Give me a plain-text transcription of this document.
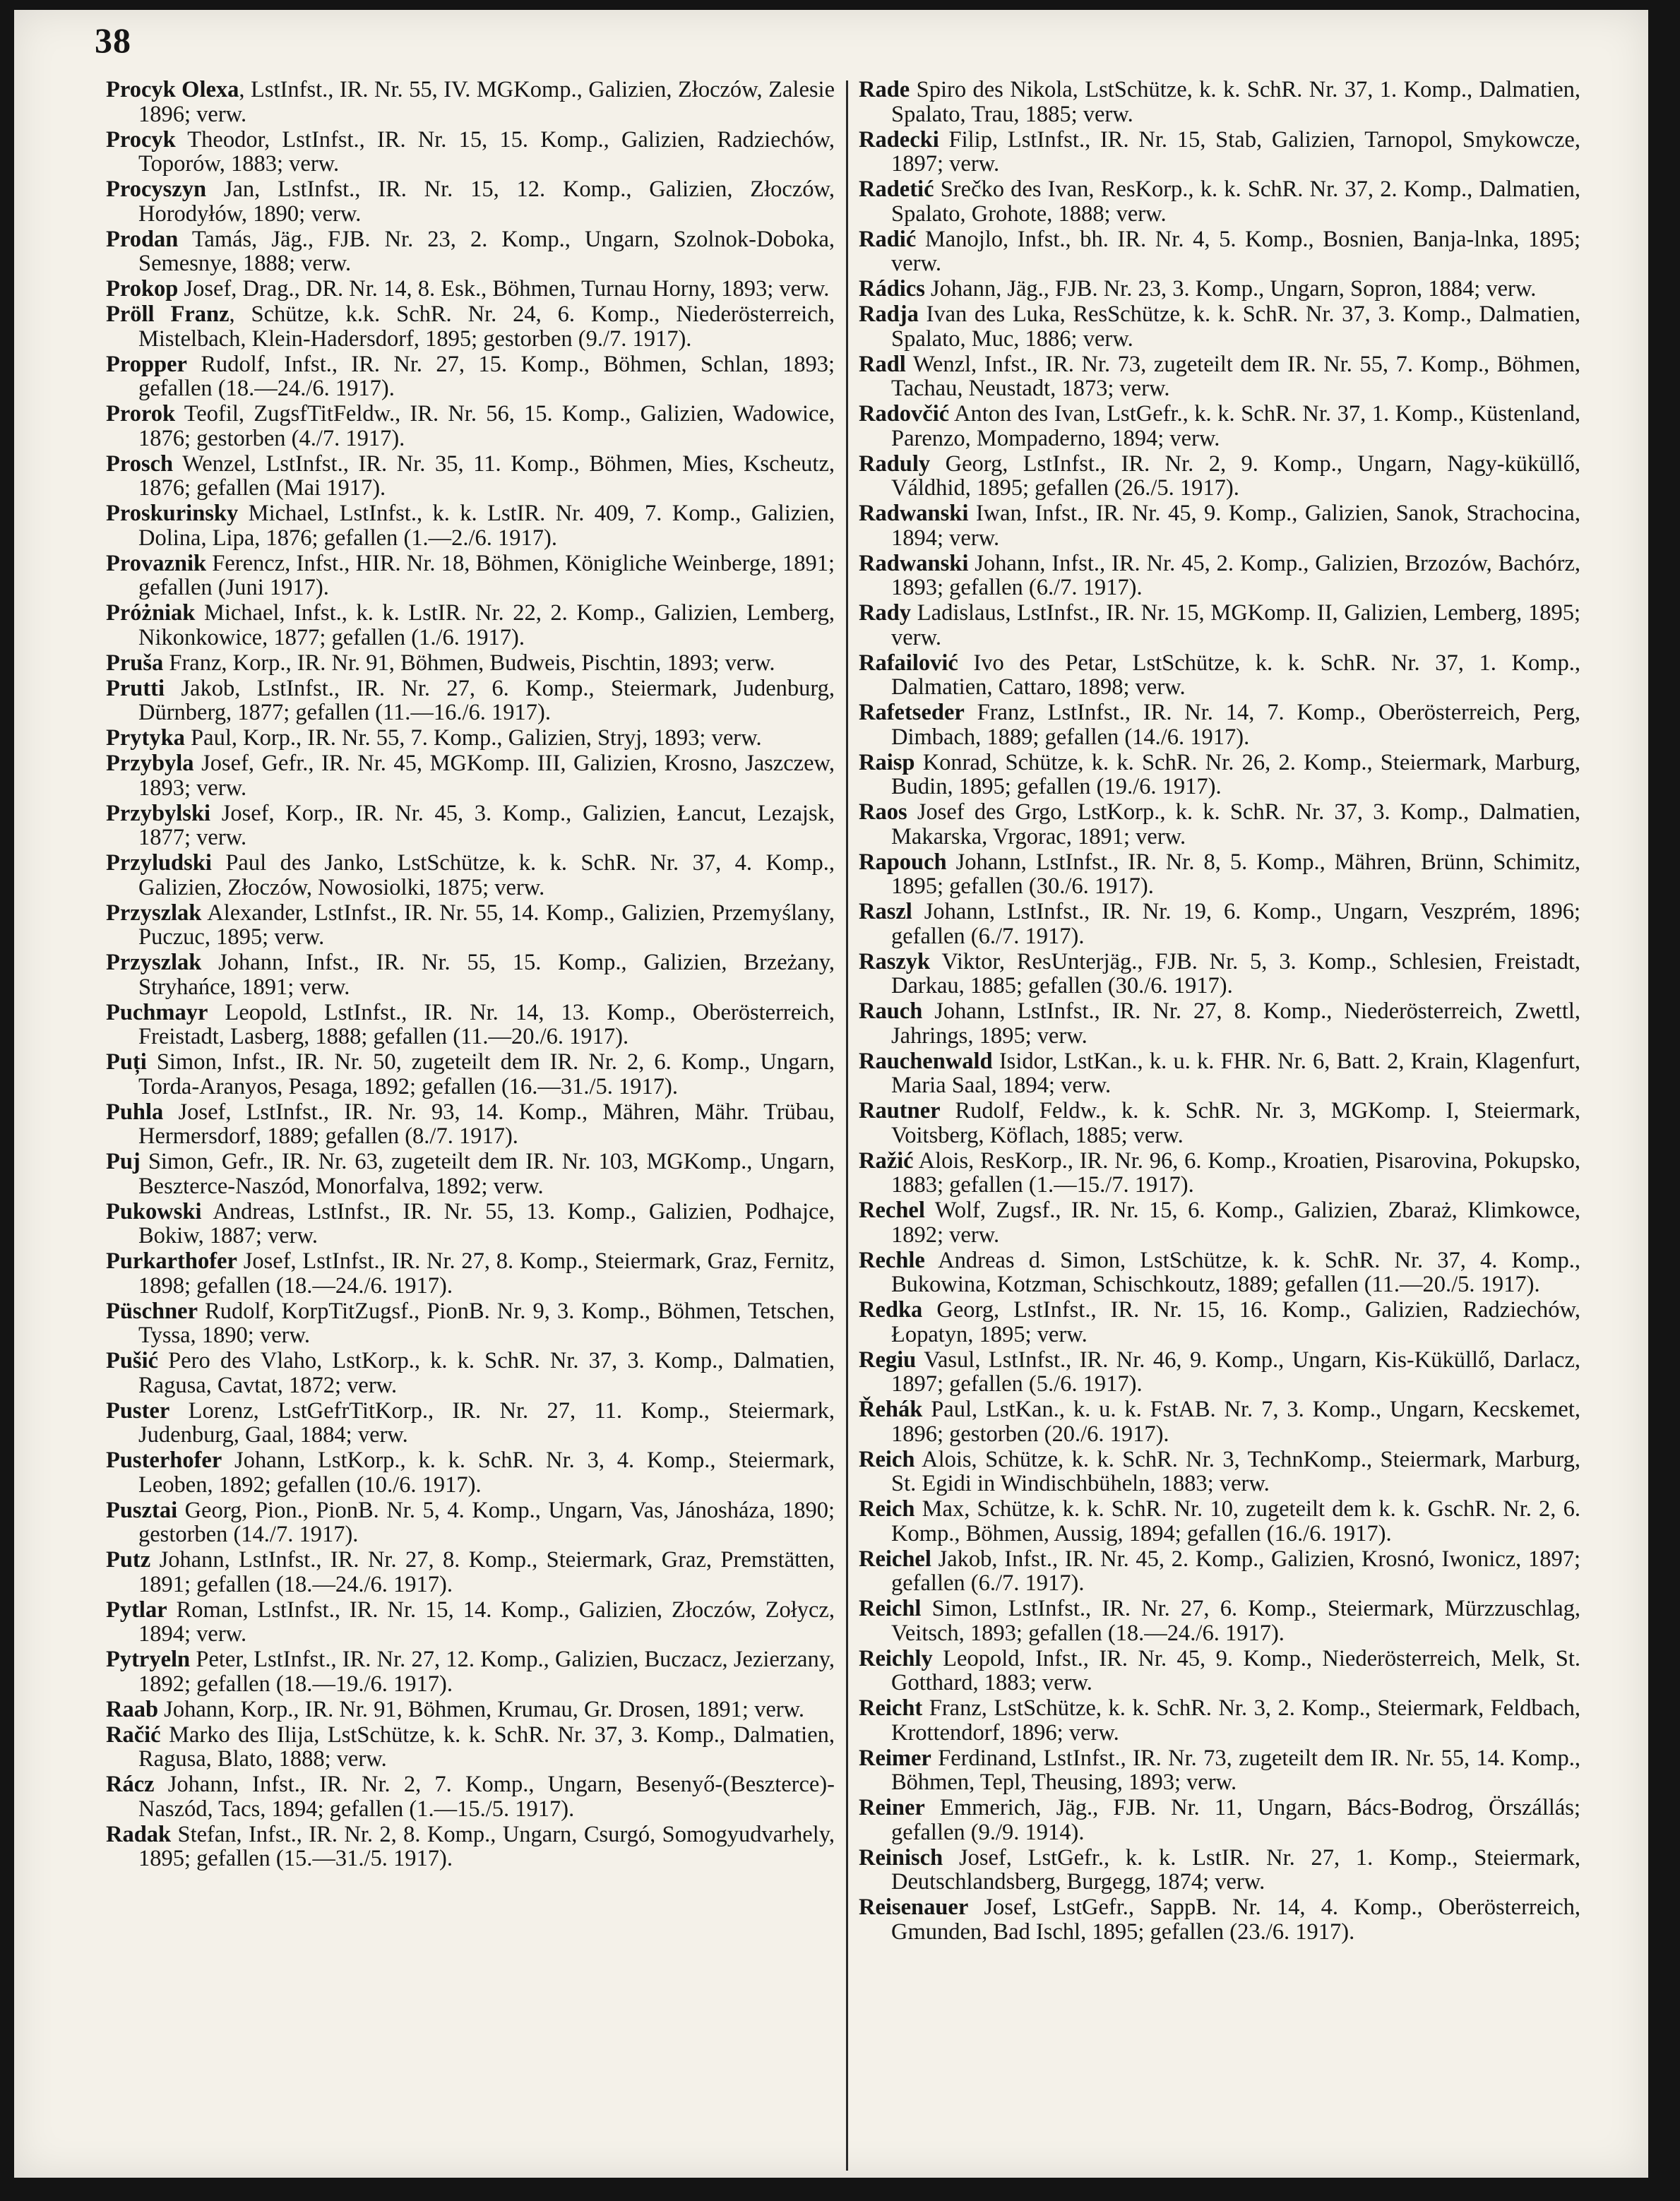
38
Procyk Olexa, LstInfst., IR. Nr. 55, IV. MGKomp., Galizien, Złoczów, Zalesie 1896; verw.
Procyk Theodor, LstInfst., IR. Nr. 15, 15. Komp., Galizien, Radziechów, Toporów, 1883; verw.
Procyszyn Jan, LstInfst., IR. Nr. 15, 12. Komp., Galizien, Złoczów, Horodyłów, 1890; verw.
Prodan Tamás, Jäg., FJB. Nr. 23, 2. Komp., Ungarn, Szolnok-Doboka, Semesnye, 1888; verw.
Prokop Josef, Drag., DR. Nr. 14, 8. Esk., Böhmen, Turnau Horny, 1893; verw.
Pröll Franz, Schütze, k.k. SchR. Nr. 24, 6. Komp., Niederösterreich, Mistelbach, Klein-Hadersdorf, 1895; gestorben (9./7. 1917).
Propper Rudolf, Infst., IR. Nr. 27, 15. Komp., Böhmen, Schlan, 1893; gefallen (18.—24./6. 1917).
Prorok Teofil, ZugsfTitFeldw., IR. Nr. 56, 15. Komp., Galizien, Wadowice, 1876; gestorben (4./7. 1917).
Prosch Wenzel, LstInfst., IR. Nr. 35, 11. Komp., Böhmen, Mies, Kscheutz, 1876; gefallen (Mai 1917).
Proskurinsky Michael, LstInfst., k. k. LstIR. Nr. 409, 7. Komp., Galizien, Dolina, Lipa, 1876; gefallen (1.—2./6. 1917).
Provaznik Ferencz, Infst., HIR. Nr. 18, Böhmen, Königliche Weinberge, 1891; gefallen (Juni 1917).
Próżniak Michael, Infst., k. k. LstIR. Nr. 22, 2. Komp., Galizien, Lemberg, Nikonkowice, 1877; gefallen (1./6. 1917).
Pruša Franz, Korp., IR. Nr. 91, Böhmen, Budweis, Pischtin, 1893; verw.
Prutti Jakob, LstInfst., IR. Nr. 27, 6. Komp., Steiermark, Judenburg, Dürnberg, 1877; gefallen (11.—16./6. 1917).
Prytyka Paul, Korp., IR. Nr. 55, 7. Komp., Galizien, Stryj, 1893; verw.
Przybyla Josef, Gefr., IR. Nr. 45, MGKomp. III, Galizien, Krosno, Jaszczew, 1893; verw.
Przybylski Josef, Korp., IR. Nr. 45, 3. Komp., Galizien, Łancut, Lezajsk, 1877; verw.
Przyludski Paul des Janko, LstSchütze, k. k. SchR. Nr. 37, 4. Komp., Galizien, Złoczów, Nowosiolki, 1875; verw.
Przyszlak Alexander, LstInfst., IR. Nr. 55, 14. Komp., Galizien, Przemyślany, Puczuc, 1895; verw.
Przyszlak Johann, Infst., IR. Nr. 55, 15. Komp., Galizien, Brzeżany, Stryhańce, 1891; verw.
Puchmayr Leopold, LstInfst., IR. Nr. 14, 13. Komp., Oberösterreich, Freistadt, Lasberg, 1888; gefallen (11.—20./6. 1917).
Puți Simon, Infst., IR. Nr. 50, zugeteilt dem IR. Nr. 2, 6. Komp., Ungarn, Torda-Aranyos, Pesaga, 1892; gefallen (16.—31./5. 1917).
Puhla Josef, LstInfst., IR. Nr. 93, 14. Komp., Mähren, Mähr. Trübau, Hermersdorf, 1889; gefallen (8./7. 1917).
Puj Simon, Gefr., IR. Nr. 63, zugeteilt dem IR. Nr. 103, MGKomp., Ungarn, Beszterce-Naszód, Monorfalva, 1892; verw.
Pukowski Andreas, LstInfst., IR. Nr. 55, 13. Komp., Galizien, Podhajce, Bokiw, 1887; verw.
Purkarthofer Josef, LstInfst., IR. Nr. 27, 8. Komp., Steiermark, Graz, Fernitz, 1898; gefallen (18.—24./6. 1917).
Püschner Rudolf, KorpTitZugsf., PionB. Nr. 9, 3. Komp., Böhmen, Tetschen, Tyssa, 1890; verw.
Pušić Pero des Vlaho, LstKorp., k. k. SchR. Nr. 37, 3. Komp., Dalmatien, Ragusa, Cavtat, 1872; verw.
Puster Lorenz, LstGefrTitKorp., IR. Nr. 27, 11. Komp., Steiermark, Judenburg, Gaal, 1884; verw.
Pusterhofer Johann, LstKorp., k. k. SchR. Nr. 3, 4. Komp., Steiermark, Leoben, 1892; gefallen (10./6. 1917).
Pusztai Georg, Pion., PionB. Nr. 5, 4. Komp., Ungarn, Vas, Jánosháza, 1890; gestorben (14./7. 1917).
Putz Johann, LstInfst., IR. Nr. 27, 8. Komp., Steiermark, Graz, Premstätten, 1891; gefallen (18.—24./6. 1917).
Pytlar Roman, LstInfst., IR. Nr. 15, 14. Komp., Galizien, Złoczów, Zołycz, 1894; verw.
Pytryeln Peter, LstInfst., IR. Nr. 27, 12. Komp., Galizien, Buczacz, Jezierzany, 1892; gefallen (18.—19./6. 1917).
Raab Johann, Korp., IR. Nr. 91, Böhmen, Krumau, Gr. Drosen, 1891; verw.
Račić Marko des Ilija, LstSchütze, k. k. SchR. Nr. 37, 3. Komp., Dalmatien, Ragusa, Blato, 1888; verw.
Rácz Johann, Infst., IR. Nr. 2, 7. Komp., Ungarn, Besenyő-(Beszterce)-Naszód, Tacs, 1894; gefallen (1.—15./5. 1917).
Radak Stefan, Infst., IR. Nr. 2, 8. Komp., Ungarn, Csurgó, Somogyudvarhely, 1895; gefallen (15.—31./5. 1917).
Rade Spiro des Nikola, LstSchütze, k. k. SchR. Nr. 37, 1. Komp., Dalmatien, Spalato, Trau, 1885; verw.
Radecki Filip, LstInfst., IR. Nr. 15, Stab, Galizien, Tarnopol, Smykowcze, 1897; verw.
Radetić Srečko des Ivan, ResKorp., k. k. SchR. Nr. 37, 2. Komp., Dalmatien, Spalato, Grohote, 1888; verw.
Radić Manojlo, Infst., bh. IR. Nr. 4, 5. Komp., Bosnien, Banja-lnka, 1895; verw.
Rádics Johann, Jäg., FJB. Nr. 23, 3. Komp., Ungarn, Sopron, 1884; verw.
Radja Ivan des Luka, ResSchütze, k. k. SchR. Nr. 37, 3. Komp., Dalmatien, Spalato, Muc, 1886; verw.
Radl Wenzl, Infst., IR. Nr. 73, zugeteilt dem IR. Nr. 55, 7. Komp., Böhmen, Tachau, Neustadt, 1873; verw.
Radovčić Anton des Ivan, LstGefr., k. k. SchR. Nr. 37, 1. Komp., Küstenland, Parenzo, Mompaderno, 1894; verw.
Raduly Georg, LstInfst., IR. Nr. 2, 9. Komp., Ungarn, Nagy-küküllő, Váldhid, 1895; gefallen (26./5. 1917).
Radwanski Iwan, Infst., IR. Nr. 45, 9. Komp., Galizien, Sanok, Strachocina, 1894; verw.
Radwanski Johann, Infst., IR. Nr. 45, 2. Komp., Galizien, Brzozów, Bachórz, 1893; gefallen (6./7. 1917).
Rady Ladislaus, LstInfst., IR. Nr. 15, MGKomp. II, Galizien, Lemberg, 1895; verw.
Rafailović Ivo des Petar, LstSchütze, k. k. SchR. Nr. 37, 1. Komp., Dalmatien, Cattaro, 1898; verw.
Rafetseder Franz, LstInfst., IR. Nr. 14, 7. Komp., Oberösterreich, Perg, Dimbach, 1889; gefallen (14./6. 1917).
Raisp Konrad, Schütze, k. k. SchR. Nr. 26, 2. Komp., Steiermark, Marburg, Budin, 1895; gefallen (19./6. 1917).
Raos Josef des Grgo, LstKorp., k. k. SchR. Nr. 37, 3. Komp., Dalmatien, Makarska, Vrgorac, 1891; verw.
Rapouch Johann, LstInfst., IR. Nr. 8, 5. Komp., Mähren, Brünn, Schimitz, 1895; gefallen (30./6. 1917).
Raszl Johann, LstInfst., IR. Nr. 19, 6. Komp., Ungarn, Veszprém, 1896; gefallen (6./7. 1917).
Raszyk Viktor, ResUnterjäg., FJB. Nr. 5, 3. Komp., Schlesien, Freistadt, Darkau, 1885; gefallen (30./6. 1917).
Rauch Johann, LstInfst., IR. Nr. 27, 8. Komp., Niederösterreich, Zwettl, Jahrings, 1895; verw.
Rauchenwald Isidor, LstKan., k. u. k. FHR. Nr. 6, Batt. 2, Krain, Klagenfurt, Maria Saal, 1894; verw.
Rautner Rudolf, Feldw., k. k. SchR. Nr. 3, MGKomp. I, Steiermark, Voitsberg, Köflach, 1885; verw.
Ražić Alois, ResKorp., IR. Nr. 96, 6. Komp., Kroatien, Pisarovina, Pokupsko, 1883; gefallen (1.—15./7. 1917).
Rechel Wolf, Zugsf., IR. Nr. 15, 6. Komp., Galizien, Zbaraż, Klimkowce, 1892; verw.
Rechle Andreas d. Simon, LstSchütze, k. k. SchR. Nr. 37, 4. Komp., Bukowina, Kotzman, Schischkoutz, 1889; gefallen (11.—20./5. 1917).
Redka Georg, LstInfst., IR. Nr. 15, 16. Komp., Galizien, Radziechów, Łopatyn, 1895; verw.
Regiu Vasul, LstInfst., IR. Nr. 46, 9. Komp., Ungarn, Kis-Küküllő, Darlacz, 1897; gefallen (5./6. 1917).
Řehák Paul, LstKan., k. u. k. FstAB. Nr. 7, 3. Komp., Ungarn, Kecskemet, 1896; gestorben (20./6. 1917).
Reich Alois, Schütze, k. k. SchR. Nr. 3, TechnKomp., Steiermark, Marburg, St. Egidi in Windischbüheln, 1883; verw.
Reich Max, Schütze, k. k. SchR. Nr. 10, zugeteilt dem k. k. GschR. Nr. 2, 6. Komp., Böhmen, Aussig, 1894; gefallen (16./6. 1917).
Reichel Jakob, Infst., IR. Nr. 45, 2. Komp., Galizien, Krosnó, Iwonicz, 1897; gefallen (6./7. 1917).
Reichl Simon, LstInfst., IR. Nr. 27, 6. Komp., Steiermark, Mürzzuschlag, Veitsch, 1893; gefallen (18.—24./6. 1917).
Reichly Leopold, Infst., IR. Nr. 45, 9. Komp., Niederösterreich, Melk, St. Gotthard, 1883; verw.
Reicht Franz, LstSchütze, k. k. SchR. Nr. 3, 2. Komp., Steiermark, Feldbach, Krottendorf, 1896; verw.
Reimer Ferdinand, LstInfst., IR. Nr. 73, zugeteilt dem IR. Nr. 55, 14. Komp., Böhmen, Tepl, Theusing, 1893; verw.
Reiner Emmerich, Jäg., FJB. Nr. 11, Ungarn, Bács-Bodrog, Örszállás; gefallen (9./9. 1914).
Reinisch Josef, LstGefr., k. k. LstIR. Nr. 27, 1. Komp., Steiermark, Deutschlandsberg, Burgegg, 1874; verw.
Reisenauer Josef, LstGefr., SappB. Nr. 14, 4. Komp., Oberösterreich, Gmunden, Bad Ischl, 1895; gefallen (23./6. 1917).
